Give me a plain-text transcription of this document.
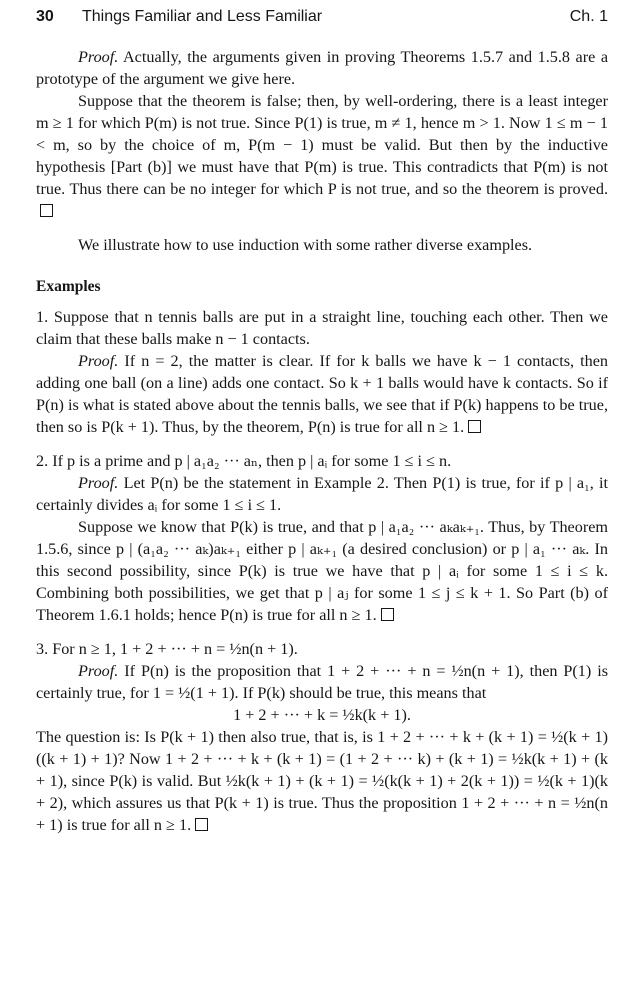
30 Things Familiar and Less Familiar	Ch. 1

Proof. Actually, the arguments given in proving Theorems 1.5.7 and 1.5.8 are a prototype of the argument we give here.

Suppose that the theorem is false; then, by well-ordering, there is a least integer m ≥ 1 for which P(m) is not true. Since P(1) is true, m ≠ 1, hence m > 1. Now 1 ≤ m − 1 < m, so by the choice of m, P(m − 1) must be valid. But then by the inductive hypothesis [Part (b)] we must have that P(m) is true. This contradicts that P(m) is not true. Thus there can be no integer for which P is not true, and so the theorem is proved.

We illustrate how to use induction with some rather diverse examples.

Examples

1. Suppose that n tennis balls are put in a straight line, touching each other. Then we claim that these balls make n − 1 contacts.

Proof. If n = 2, the matter is clear. If for k balls we have k − 1 contacts, then adding one ball (on a line) adds one contact. So k + 1 balls would have k contacts. So if P(n) is what is stated above about the tennis balls, we see that if P(k) happens to be true, then so is P(k + 1). Thus, by the theorem, P(n) is true for all n ≥ 1.

2. If p is a prime and p | a₁a₂ ··· aₙ, then p | aᵢ for some 1 ≤ i ≤ n.

Proof. Let P(n) be the statement in Example 2. Then P(1) is true, for if p | a₁, it certainly divides aᵢ for some 1 ≤ i ≤ 1.

Suppose we know that P(k) is true, and that p | a₁a₂ ··· aₖaₖ₊₁. Thus, by Theorem 1.5.6, since p | (a₁a₂ ··· aₖ)aₖ₊₁ either p | aₖ₊₁ (a desired conclusion) or p | a₁ ··· aₖ. In this second possibility, since P(k) is true we have that p | aᵢ for some 1 ≤ i ≤ k. Combining both possibilities, we get that p | aⱼ for some 1 ≤ j ≤ k + 1. So Part (b) of Theorem 1.6.1 holds; hence P(n) is true for all n ≥ 1.

3. For n ≥ 1, 1 + 2 + ··· + n = ½n(n + 1).

Proof. If P(n) is the proposition that 1 + 2 + ··· + n = ½n(n + 1), then P(1) is certainly true, for 1 = ½(1 + 1). If P(k) should be true, this means that

1 + 2 + ··· + k = ½k(k + 1).

The question is: Is P(k + 1) then also true, that is, is 1 + 2 + ··· + k + (k + 1) = ½(k + 1)((k + 1) + 1)? Now 1 + 2 + ··· + k + (k + 1) = (1 + 2 + ··· k) + (k + 1) = ½k(k + 1) + (k + 1), since P(k) is valid. But ½k(k + 1) + (k + 1) = ½(k(k + 1) + 2(k + 1)) = ½(k + 1)(k + 2), which assures us that P(k + 1) is true. Thus the proposition 1 + 2 + ··· + n = ½n(n + 1) is true for all n ≥ 1.
